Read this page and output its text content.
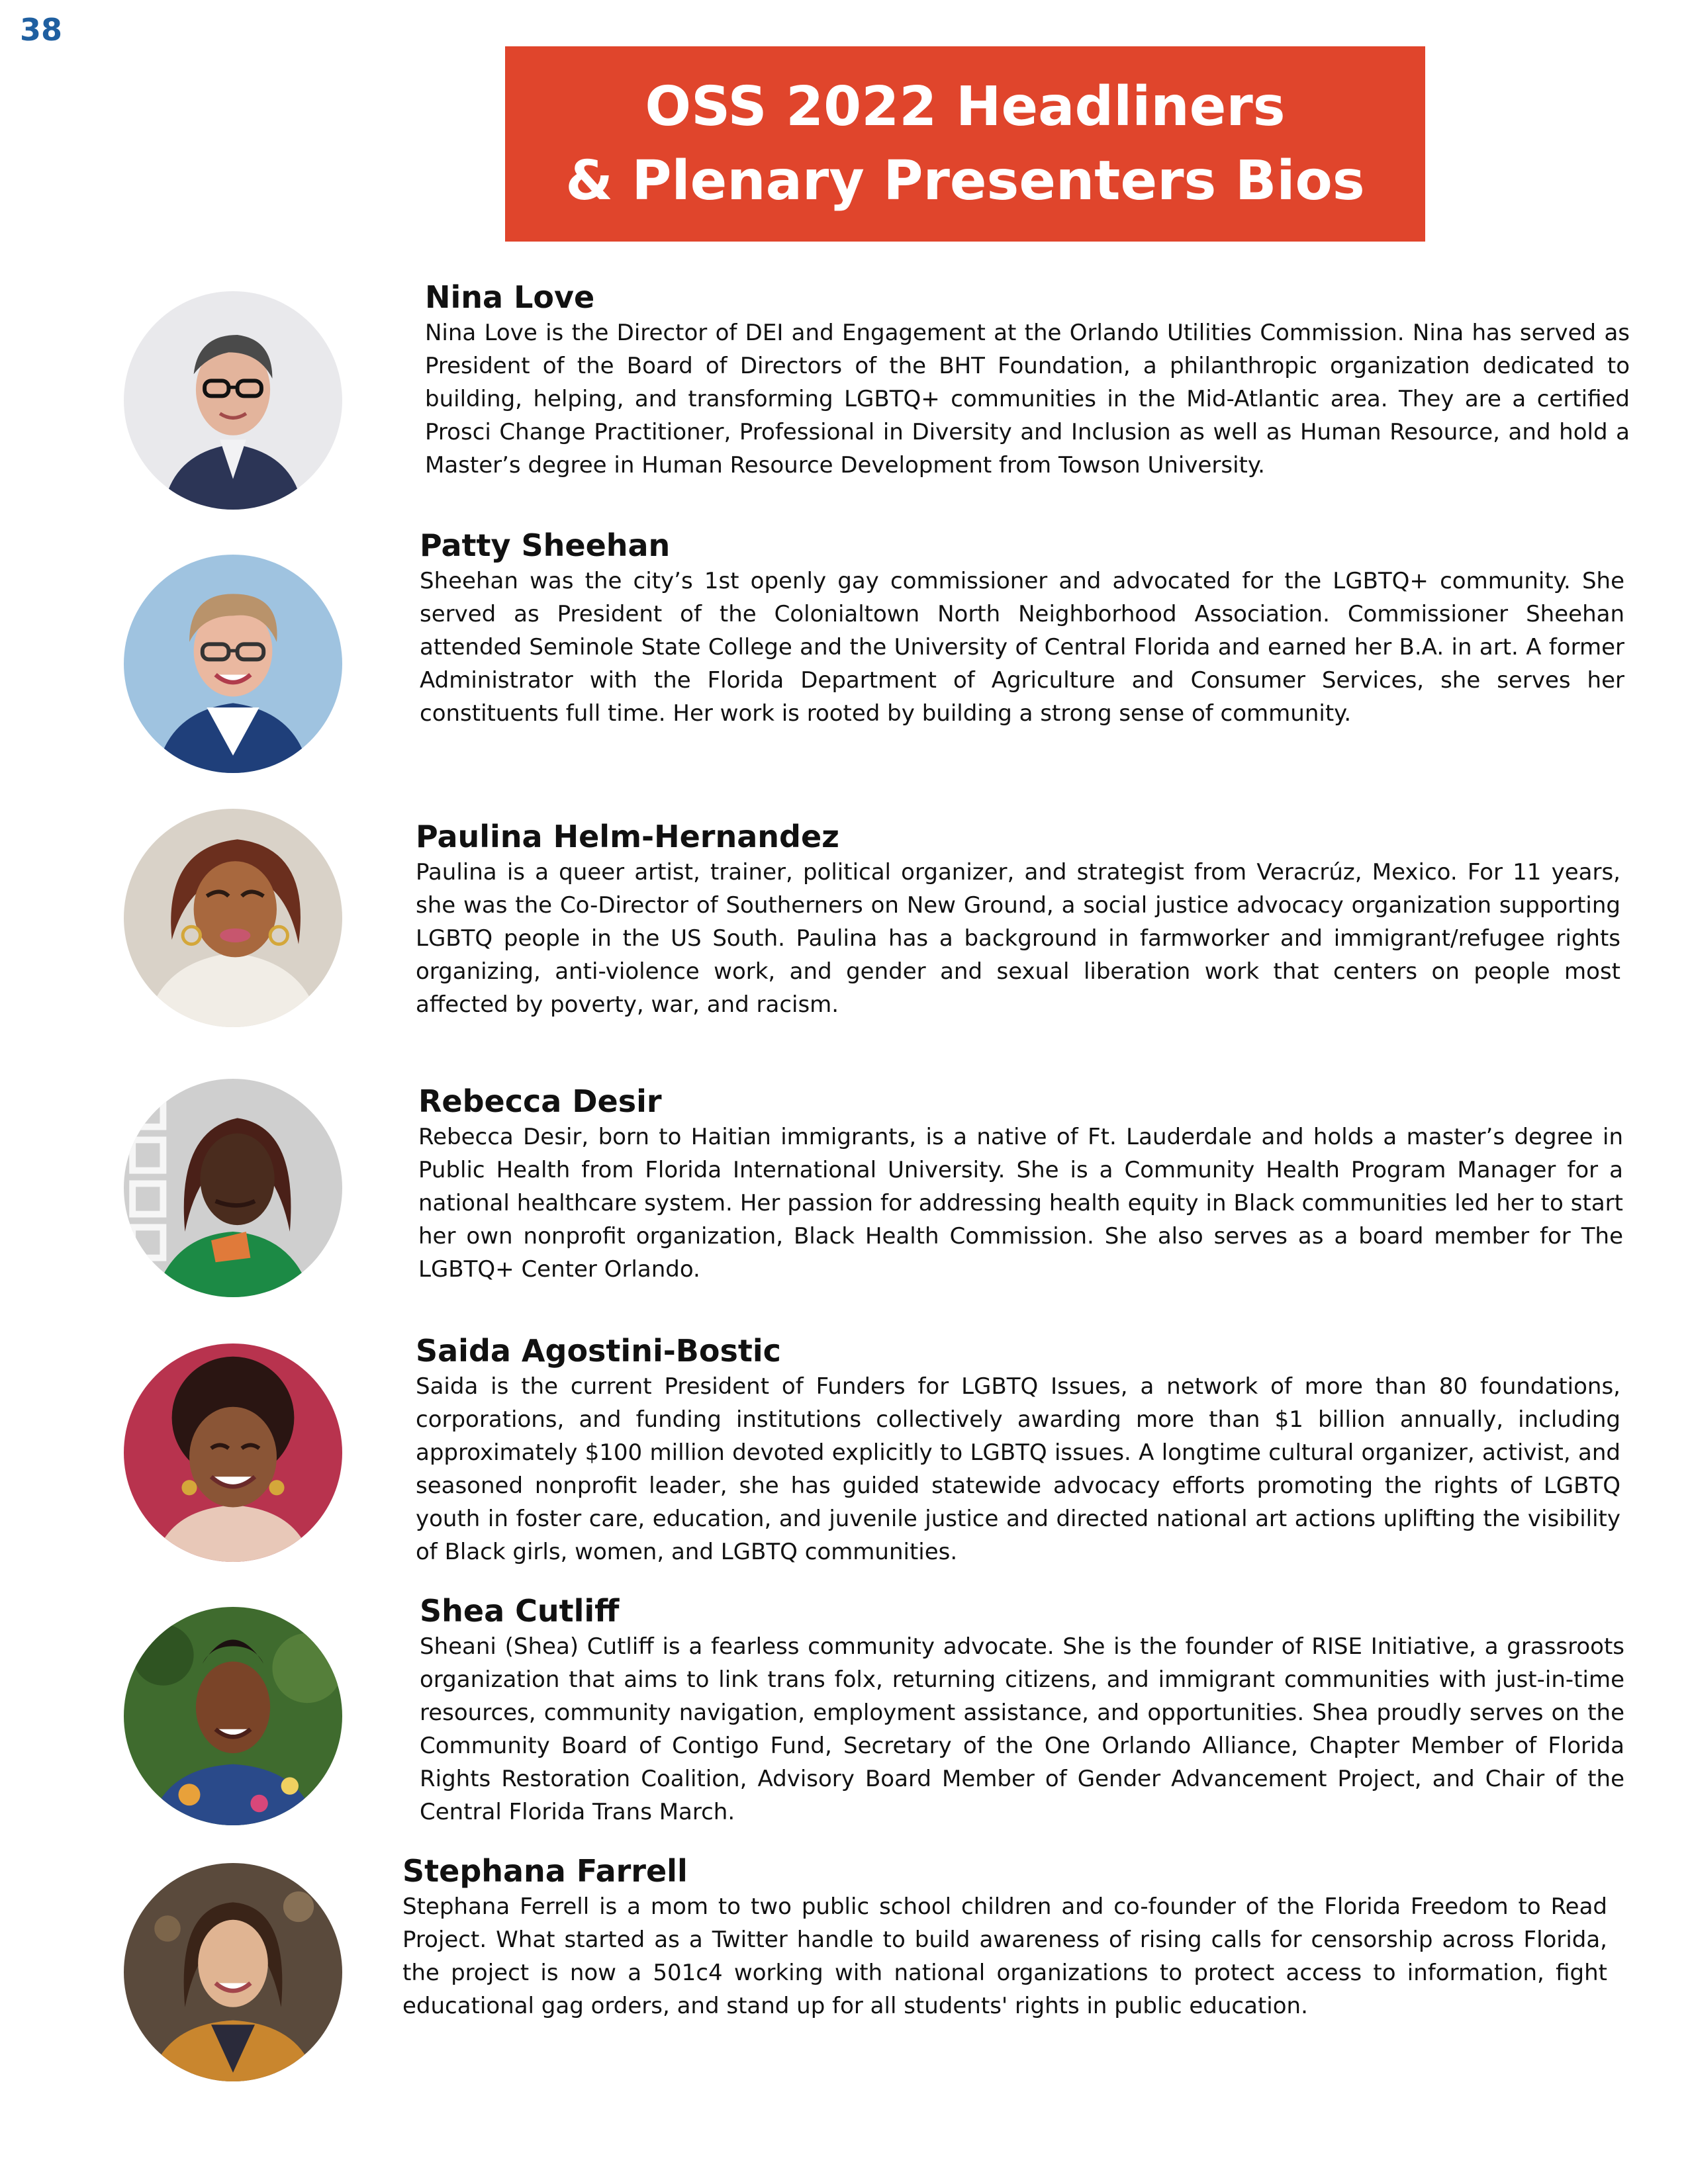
38
OSS 2022 Headliners
& Plenary Presenters Bios

Nina Love

Nina Love is the Director of DEI and Engagement at the Orlando Utilities Commission. Nina has served as President of the Board of Directors of the BHT Foundation, a philanthropic organization dedicated to building, helping, and transforming LGBTQ+ communities in the Mid-Atlantic area. They are a certified Prosci Change Practitioner, Professional in Diversity and Inclusion as well as Human Resource, and hold a Master’s degree in Human Resource Development from Towson University.

Patty Sheehan

Sheehan was the city’s 1st openly gay commissioner and advocated for the LGBTQ+ community. She served as President of the Colonialtown North Neighborhood Association. Commissioner Sheehan attended Seminole State College and the University of Central Florida and earned her B.A. in art. A former Administrator with the Florida Department of Agriculture and Consumer Services, she serves her constituents full time. Her work is rooted by building a strong sense of community.

Paulina Helm-Hernandez

Paulina is a queer artist, trainer, political organizer, and strategist from Veracrúz, Mexico. For 11 years, she was the Co-Director of Southerners on New Ground, a social justice advocacy organization supporting LGBTQ people in the US South. Paulina has a background in farmworker and immigrant/refugee rights organizing, anti-violence work, and gender and sexual liberation work that centers on people most affected by poverty, war, and racism.

Rebecca Desir

Rebecca Desir, born to Haitian immigrants, is a native of Ft. Lauderdale and holds a master’s degree in Public Health from Florida International University. She is a Community Health Program Manager for a national healthcare system. Her passion for addressing health equity in Black communities led her to start her own nonprofit organization, Black Health Commission. She also serves as a board member for The LGBTQ+ Center Orlando.

Saida Agostini-Bostic

Saida is the current President of Funders for LGBTQ Issues, a network of more than 80 foundations, corporations, and funding institutions collectively awarding more than $1 billion annually, including approximately $100 million devoted explicitly to LGBTQ issues. A longtime cultural organizer, activist, and seasoned nonprofit leader, she has guided statewide advocacy efforts promoting the rights of LGBTQ youth in foster care, education, and juvenile justice and directed national art actions uplifting the visibility of Black girls, women, and LGBTQ communities.

Shea Cutliff

Sheani (Shea) Cutliff is a fearless community advocate. She is the founder of RISE Initiative, a grassroots organization that aims to link trans folx, returning citizens, and immigrant communities with just-in-time resources, community navigation, employment assistance, and opportunities. Shea proudly serves on the Community Board of Contigo Fund, Secretary of the One Orlando Alliance, Chapter Member of Florida Rights Restoration Coalition, Advisory Board Member of Gender Advancement Project, and Chair of the Central Florida Trans March.

Stephana Farrell

Stephana Ferrell is a mom to two public school children and co-founder of the Florida Freedom to Read Project. What started as a Twitter handle to build awareness of rising calls for censorship across Florida, the project is now a 501c4 working with national organizations to protect access to information, fight educational gag orders, and stand up for all students' rights in public education.
